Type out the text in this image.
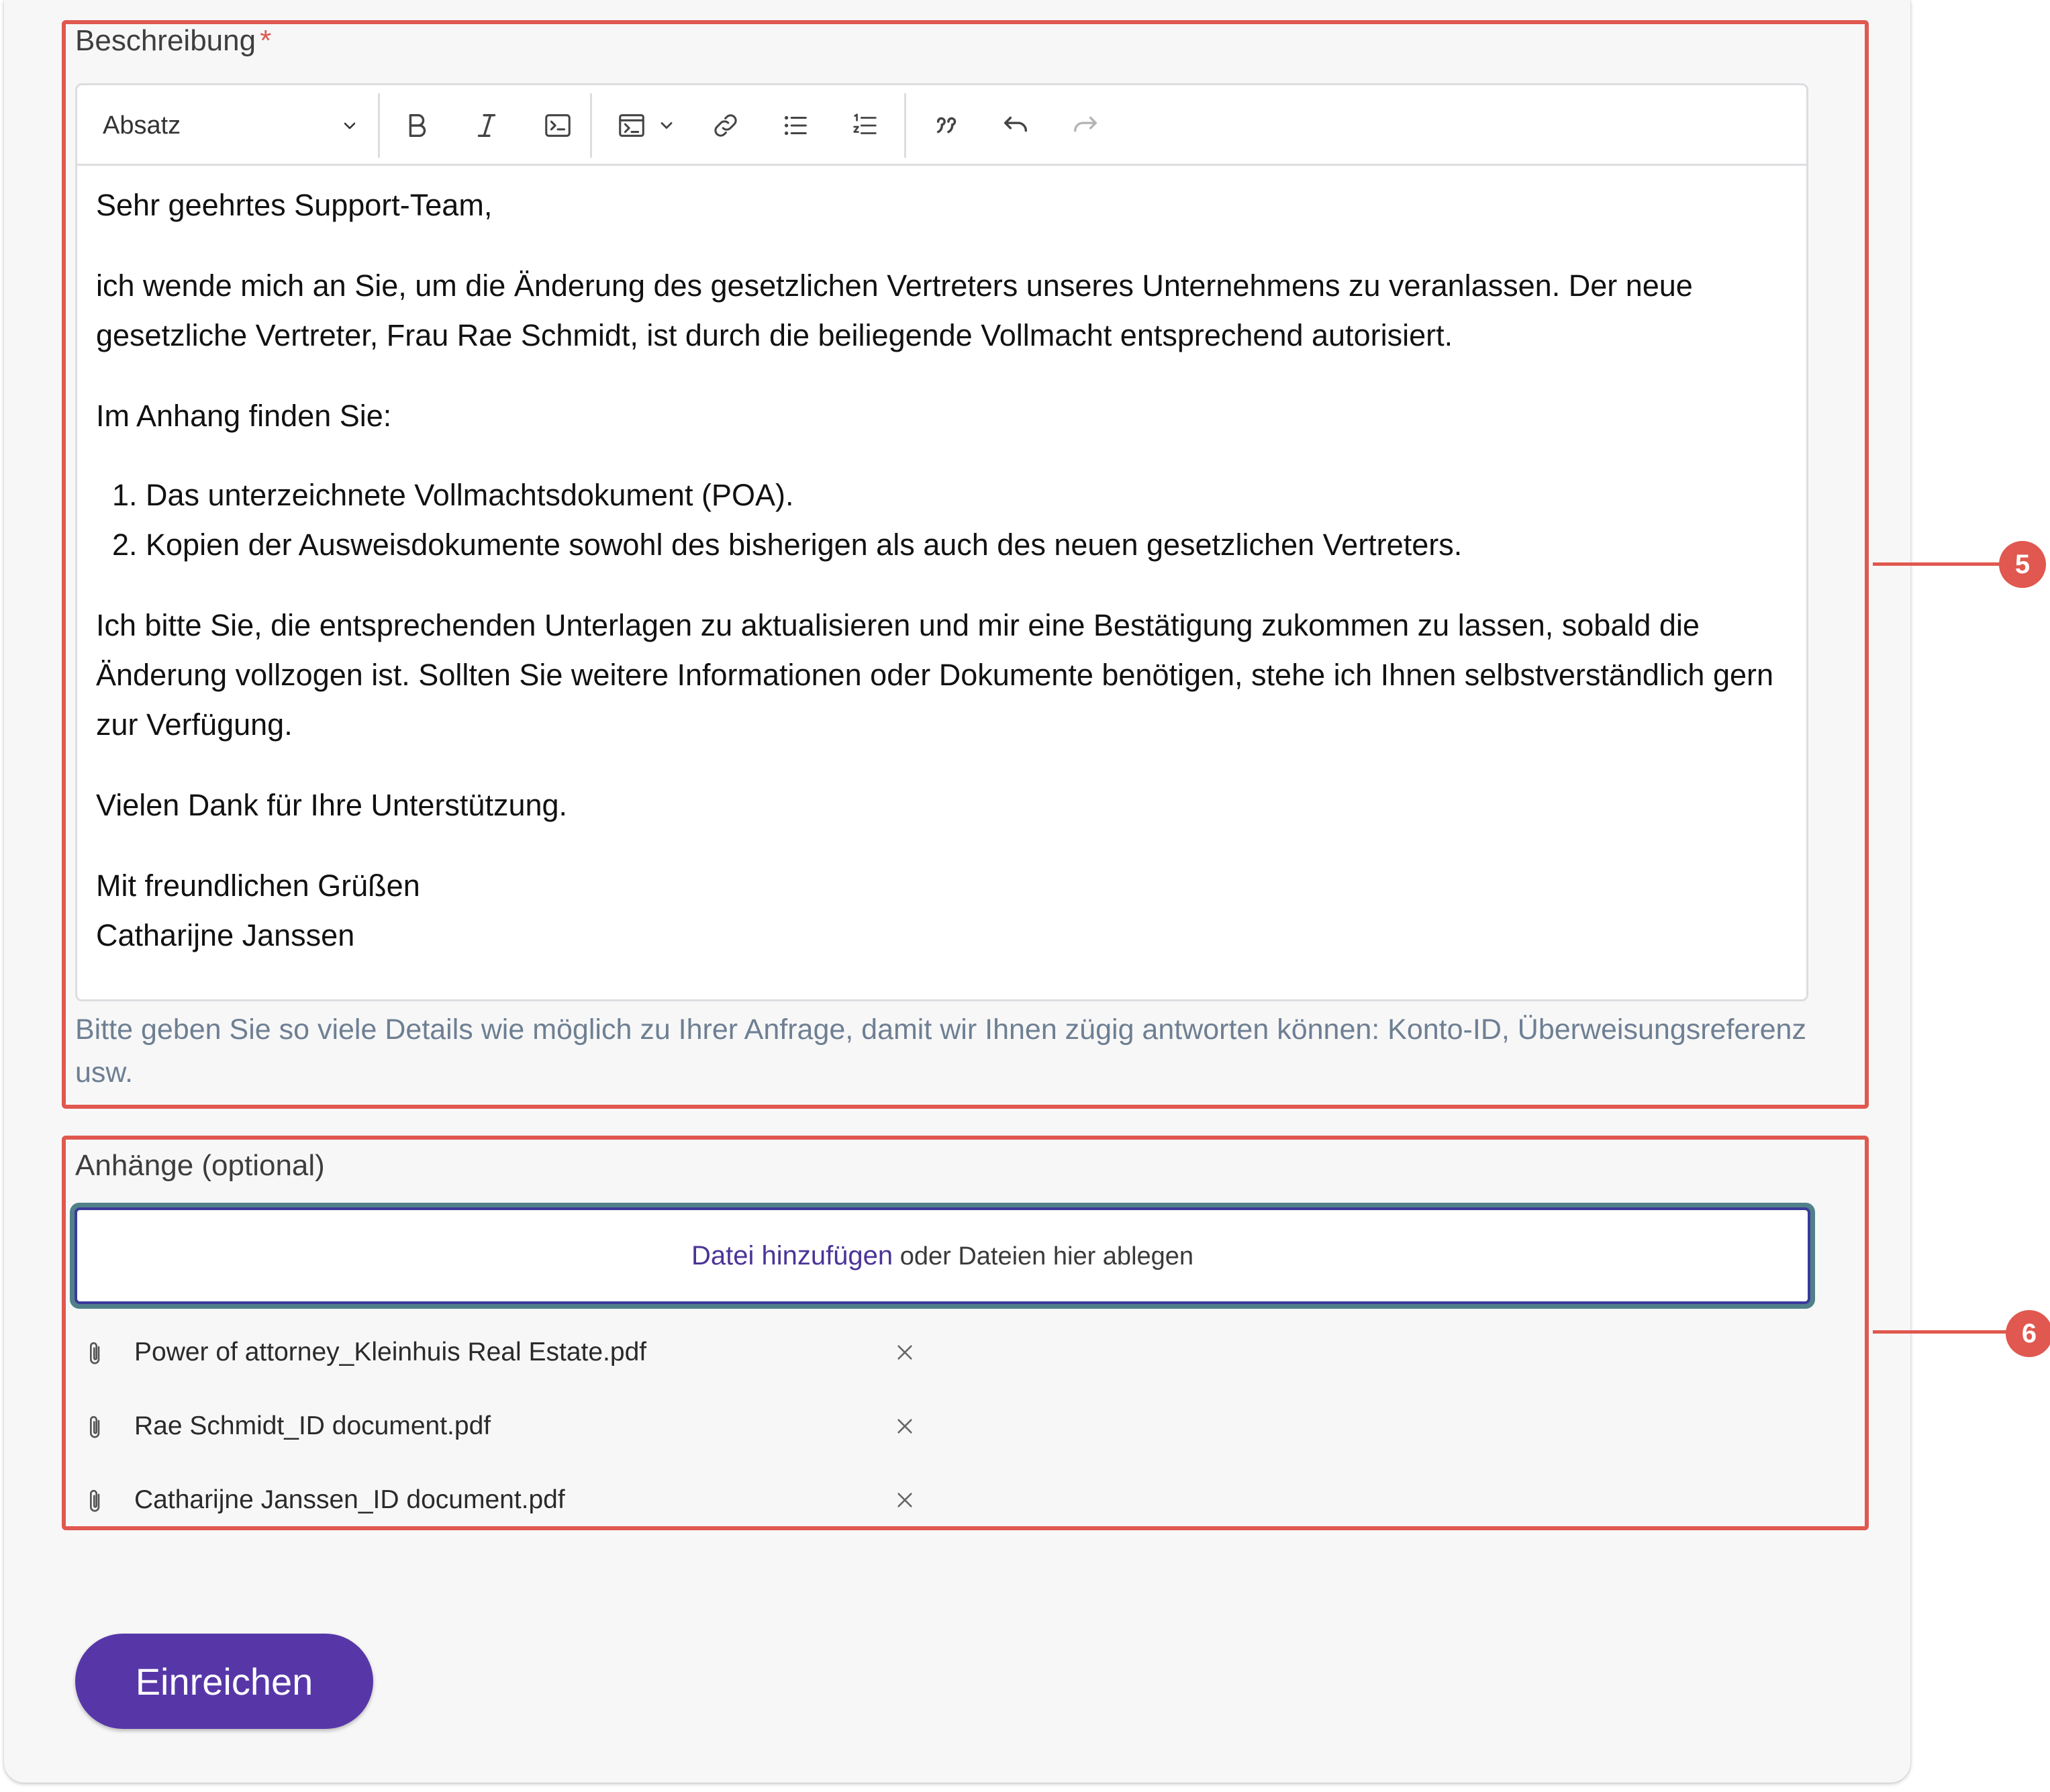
Beschreibung *
Absatz

Sehr geehrtes Support-Team,

ich wende mich an Sie, um die Änderung des gesetzlichen Vertreters unseres Unternehmens zu veranlassen. Der neue gesetzliche Vertreter, Frau Rae Schmidt, ist durch die beiliegende Vollmacht entsprechend autorisiert.

Im Anhang finden Sie:

1. Das unterzeichnete Vollmachtsdokument (POA).
2. Kopien der Ausweisdokumente sowohl des bisherigen als auch des neuen gesetzlichen Vertreters.

Ich bitte Sie, die entsprechenden Unterlagen zu aktualisieren und mir eine Bestätigung zukommen zu lassen, sobald die Änderung vollzogen ist. Sollten Sie weitere Informationen oder Dokumente benötigen, stehe ich Ihnen selbstverständlich gern zur Verfügung.

Vielen Dank für Ihre Unterstützung.

Mit freundlichen Grüßen
Catharijne Janssen

Bitte geben Sie so viele Details wie möglich zu Ihrer Anfrage, damit wir Ihnen zügig antworten können: Konto-ID, Überweisungsreferenz usw.
Anhänge (optional)
Datei hinzufügen oder Dateien hier ablegen
Power of attorney_Kleinhuis Real Estate.pdf
Rae Schmidt_ID document.pdf
Catharijne Janssen_ID document.pdf
Einreichen
5
6
